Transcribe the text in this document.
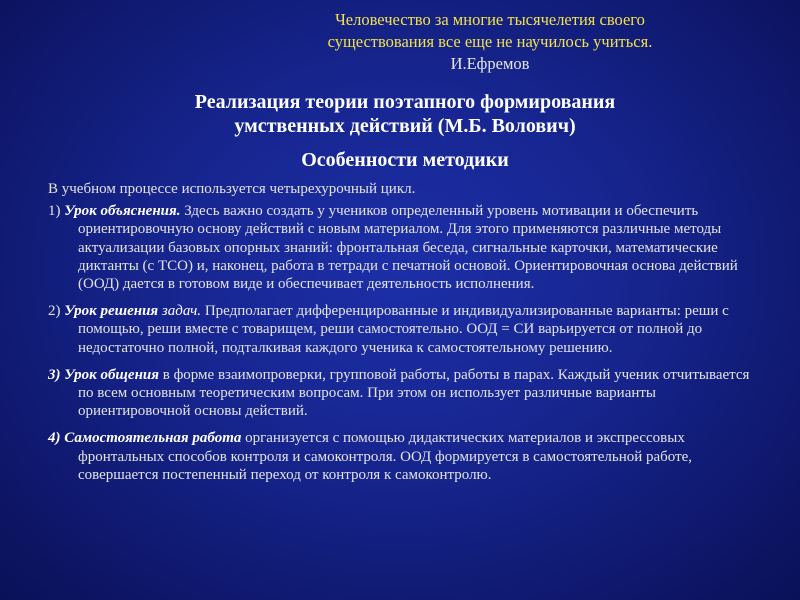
Человечество за многие тысячелетия своего
существования все еще не научилось учиться.
И.Ефремов
Реализация теории поэтапного формирования
умственных действий (М.Б. Волович)
Особенности методики

В учебном процессе используется четырехурочный цикл.

1) Урок объяснения. Здесь важно создать у учеников определенный уровень мотивации и обеспечить ориентировочную основу действий с новым материалом. Для этого применяются различные методы актуализации базовых опорных знаний: фронтальная беседа, сигнальные карточки, математические диктанты (с ТСО) и, наконец, работа в тетради с печатной основой. Ориентировочная основа действий (ООД) дается в готовом виде и обеспечивает деятельность исполнения.

2) Урок решения задач. Предполагает дифференцированные и индивидуализированные варианты: реши с помощью, реши вместе с товарищем, реши самостоятельно. ООД = СИ варьируется от полной до недостаточно полной, подталкивая каждого ученика к самостоятельному решению.

3) Урок общения в форме взаимопроверки, групповой работы, работы в парах. Каждый ученик отчитывается по всем основным теоретическим вопросам. При этом он использует различные варианты ориентировочной основы действий.

4) Самостоятельная работа организуется с помощью дидактических материалов и экспрессовых фронтальных способов контроля и самоконтроля. ООД формируется в самостоятельной работе, совершается постепенный переход от контроля к самоконтролю.
